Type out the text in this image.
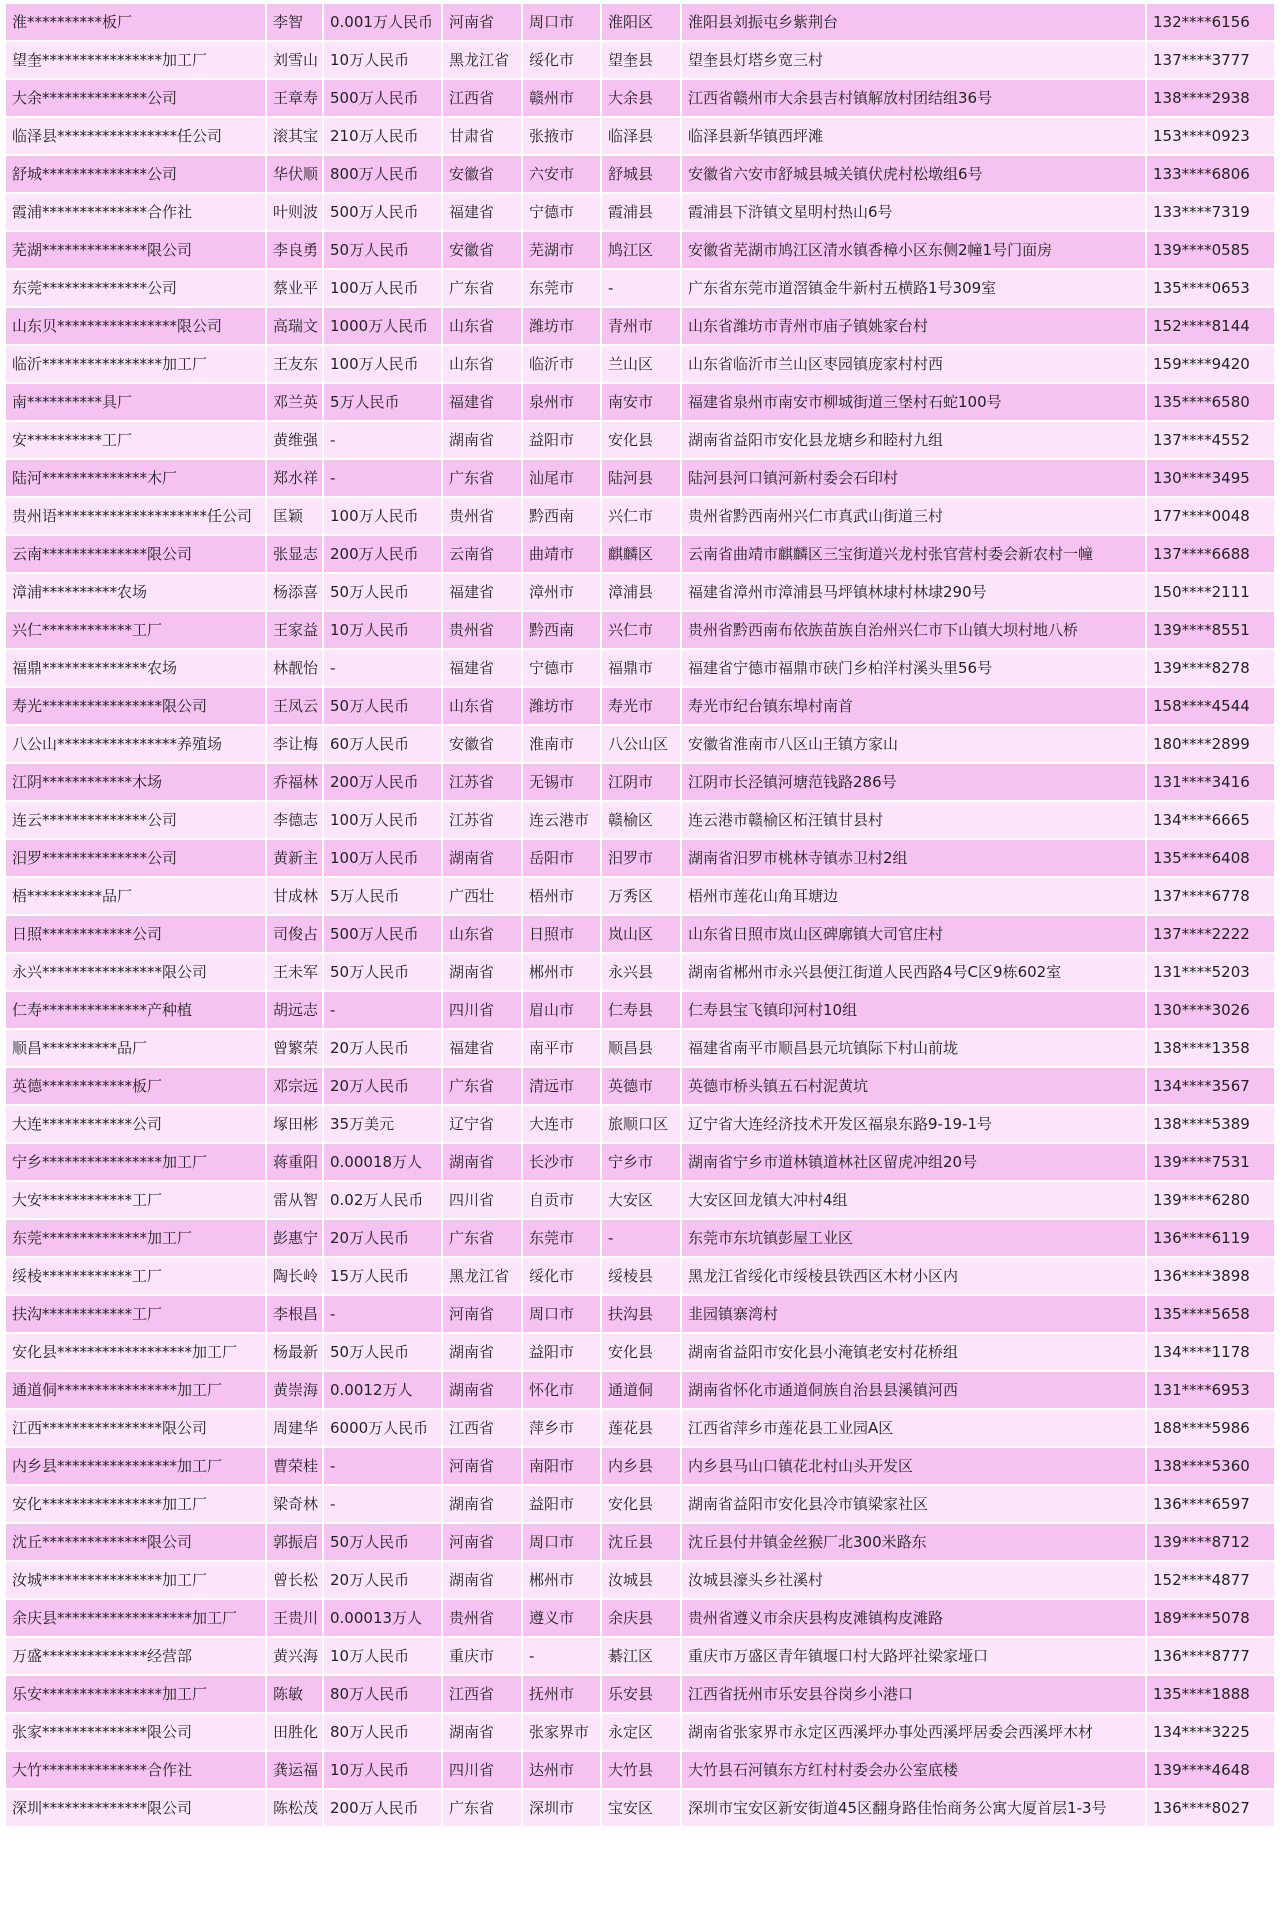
淮**********板厂	李智	0.001万人民币	河南省	周口市	淮阳区	淮阳县刘振屯乡紫荆台	132****6156
望奎****************加工厂	刘雪山	10万人民币	黑龙江省	绥化市	望奎县	望奎县灯塔乡宽三村	137****3777
大余**************公司	王章寿	500万人民币	江西省	赣州市	大余县	江西省赣州市大余县吉村镇解放村团结组36号	138****2938
临泽县****************任公司	滚其宝	210万人民币	甘肃省	张掖市	临泽县	临泽县新华镇西坪滩	153****0923
舒城**************公司	华伏顺	800万人民币	安徽省	六安市	舒城县	安徽省六安市舒城县城关镇伏虎村松墩组6号	133****6806
霞浦**************合作社	叶则波	500万人民币	福建省	宁德市	霞浦县	霞浦县下浒镇文星明村热山6号	133****7319
芜湖**************限公司	李良勇	50万人民币	安徽省	芜湖市	鸠江区	安徽省芜湖市鸠江区清水镇香樟小区东侧2幢1号门面房	139****0585
东莞**************公司	蔡业平	100万人民币	广东省	东莞市	-	广东省东莞市道滘镇金牛新村五横路1号309室	135****0653
山东贝****************限公司	高瑞文	1000万人民币	山东省	潍坊市	青州市	山东省潍坊市青州市庙子镇姚家台村	152****8144
临沂****************加工厂	王友东	100万人民币	山东省	临沂市	兰山区	山东省临沂市兰山区枣园镇庞家村村西	159****9420
南**********具厂	邓兰英	5万人民币	福建省	泉州市	南安市	福建省泉州市南安市柳城街道三堡村石蛇100号	135****6580
安**********工厂	黄维强	-	湖南省	益阳市	安化县	湖南省益阳市安化县龙塘乡和睦村九组	137****4552
陆河**************木厂	郑水祥	-	广东省	汕尾市	陆河县	陆河县河口镇河新村委会石印村	130****3495
贵州语********************任公司	匡颖	100万人民币	贵州省	黔西南	兴仁市	贵州省黔西南州兴仁市真武山街道三村	177****0048
云南**************限公司	张显志	200万人民币	云南省	曲靖市	麒麟区	云南省曲靖市麒麟区三宝街道兴龙村张官营村委会新农村一幢	137****6688
漳浦**********农场	杨添喜	50万人民币	福建省	漳州市	漳浦县	福建省漳州市漳浦县马坪镇林埭村林埭290号	150****2111
兴仁************工厂	王家益	10万人民币	贵州省	黔西南	兴仁市	贵州省黔西南布依族苗族自治州兴仁市下山镇大坝村地八桥	139****8551
福鼎**************农场	林靓怡	-	福建省	宁德市	福鼎市	福建省宁德市福鼎市硖门乡柏洋村溪头里56号	139****8278
寿光****************限公司	王凤云	50万人民币	山东省	潍坊市	寿光市	寿光市纪台镇东埠村南首	158****4544
八公山****************养殖场	李让梅	60万人民币	安徽省	淮南市	八公山区	安徽省淮南市八区山王镇方家山	180****2899
江阴************木场	乔福林	200万人民币	江苏省	无锡市	江阴市	江阴市长泾镇河塘范钱路286号	131****3416
连云**************公司	李德志	100万人民币	江苏省	连云港市	赣榆区	连云港市赣榆区柘汪镇甘县村	134****6665
汨罗**************公司	黄新主	100万人民币	湖南省	岳阳市	汨罗市	湖南省汨罗市桃林寺镇赤卫村2组	135****6408
梧**********品厂	甘成林	5万人民币	广西壮	梧州市	万秀区	梧州市莲花山角耳塘边	137****6778
日照************公司	司俊占	500万人民币	山东省	日照市	岚山区	山东省日照市岚山区碑廓镇大司官庄村	137****2222
永兴****************限公司	王未军	50万人民币	湖南省	郴州市	永兴县	湖南省郴州市永兴县便江街道人民西路4号C区9栋602室	131****5203
仁寿**************产种植	胡远志	-	四川省	眉山市	仁寿县	仁寿县宝飞镇印河村10组	130****3026
顺昌**********品厂	曾繁荣	20万人民币	福建省	南平市	顺昌县	福建省南平市顺昌县元坑镇际下村山前垅	138****1358
英德************板厂	邓宗远	20万人民币	广东省	清远市	英德市	英德市桥头镇五石村泥黄坑	134****3567
大连************公司	塚田彬	35万美元	辽宁省	大连市	旅顺口区	辽宁省大连经济技术开发区福泉东路9-19-1号	138****5389
宁乡****************加工厂	蒋重阳	0.00018万人	湖南省	长沙市	宁乡市	湖南省宁乡市道林镇道林社区留虎冲组20号	139****7531
大安************工厂	雷从智	0.02万人民币	四川省	自贡市	大安区	大安区回龙镇大冲村4组	139****6280
东莞**************加工厂	彭惠宁	20万人民币	广东省	东莞市	-	东莞市东坑镇彭屋工业区	136****6119
绥棱************工厂	陶长岭	15万人民币	黑龙江省	绥化市	绥棱县	黑龙江省绥化市绥棱县铁西区木材小区内	136****3898
扶沟************工厂	李根昌	-	河南省	周口市	扶沟县	韭园镇寨湾村	135****5658
安化县******************加工厂	杨最新	50万人民币	湖南省	益阳市	安化县	湖南省益阳市安化县小淹镇老安村花桥组	134****1178
通道侗****************加工厂	黄崇海	0.0012万人	湖南省	怀化市	通道侗	湖南省怀化市通道侗族自治县县溪镇河西	131****6953
江西****************限公司	周建华	6000万人民币	江西省	萍乡市	莲花县	江西省萍乡市莲花县工业园A区	188****5986
内乡县****************加工厂	曹荣桂	-	河南省	南阳市	内乡县	内乡县马山口镇花北村山头开发区	138****5360
安化****************加工厂	梁奇林	-	湖南省	益阳市	安化县	湖南省益阳市安化县冷市镇梁家社区	136****6597
沈丘**************限公司	郭振启	50万人民币	河南省	周口市	沈丘县	沈丘县付井镇金丝猴厂北300米路东	139****8712
汝城****************加工厂	曾长松	20万人民币	湖南省	郴州市	汝城县	汝城县濠头乡社溪村	152****4877
余庆县******************加工厂	王贵川	0.00013万人	贵州省	遵义市	余庆县	贵州省遵义市余庆县构皮滩镇构皮滩路	189****5078
万盛**************经营部	黄兴海	10万人民币	重庆市	-	綦江区	重庆市万盛区青年镇堰口村大路坪社梁家垭口	136****8777
乐安****************加工厂	陈敏	80万人民币	江西省	抚州市	乐安县	江西省抚州市乐安县谷岗乡小港口	135****1888
张家**************限公司	田胜化	80万人民币	湖南省	张家界市	永定区	湖南省张家界市永定区西溪坪办事处西溪坪居委会西溪坪木材	134****3225
大竹**************合作社	龚运福	10万人民币	四川省	达州市	大竹县	大竹县石河镇东方红村村委会办公室底楼	139****4648
深圳**************限公司	陈松茂	200万人民币	广东省	深圳市	宝安区	深圳市宝安区新安街道45区翻身路佳怡商务公寓大厦首层1-3号	136****8027
